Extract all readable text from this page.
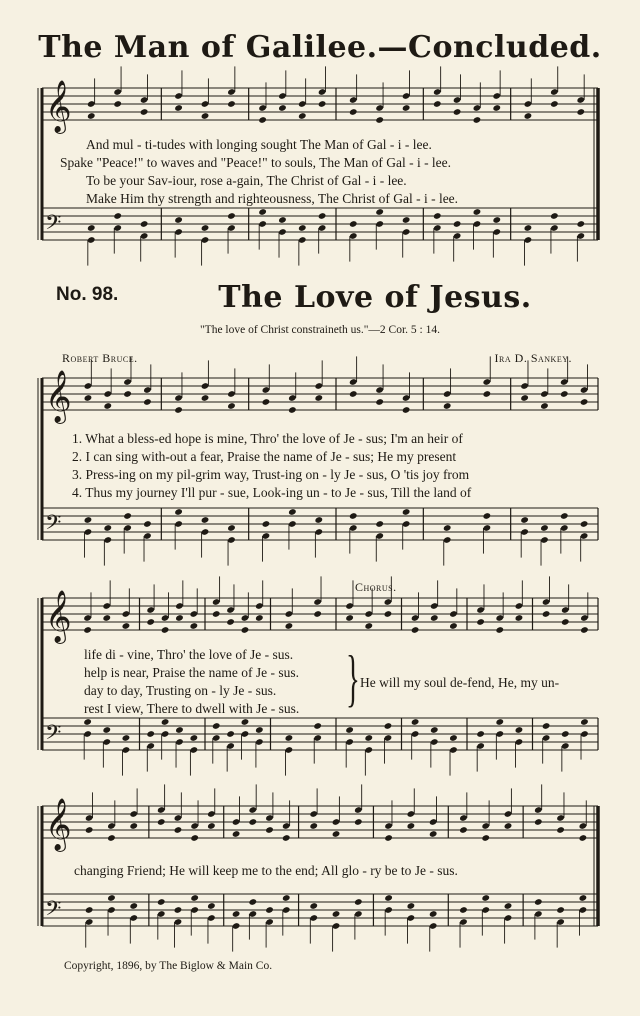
The Man of Galilee.—Concluded.
𝄞
𝄢
𝄞
𝄢
𝄞
𝄢
𝄞
𝄢
And mul - ti-tudes with longing sought The Man of Gal - i - lee.
Spake "Peace!" to waves and "Peace!" to souls, The Man of Gal - i - lee.
To be your Sav-iour, rose a-gain, The Christ of Gal - i - lee.
Make Him thy strength and righteousness, The Christ of Gal - i - lee.
No. 98.	The Love of Jesus.
"The love of Christ constraineth us."—2 Cor. 5 : 14.
Robert Bruce.	Ira D. Sankey.
1. What a bless-ed hope is mine, Thro' the love of Je - sus; I'm an heir of
2. I can sing with-out a fear, Praise the name of Je - sus; He my present
3. Press-ing on my pil-grim way, Trust-ing on - ly Je - sus, O 'tis joy from
4. Thus my journey I'll pur - sue, Look-ing un - to Je - sus, Till the land of
Chorus.
life di - vine, Thro' the love of Je - sus.
help is near, Praise the name of Je - sus.
day to day, Trusting on - ly Je - sus.
rest I view, There to dwell with Je - sus. } He will my soul de-fend, He, my un-
changing Friend; He will keep me to the end; All glo - ry be to Je - sus.
Copyright, 1896, by The Biglow & Main Co.
